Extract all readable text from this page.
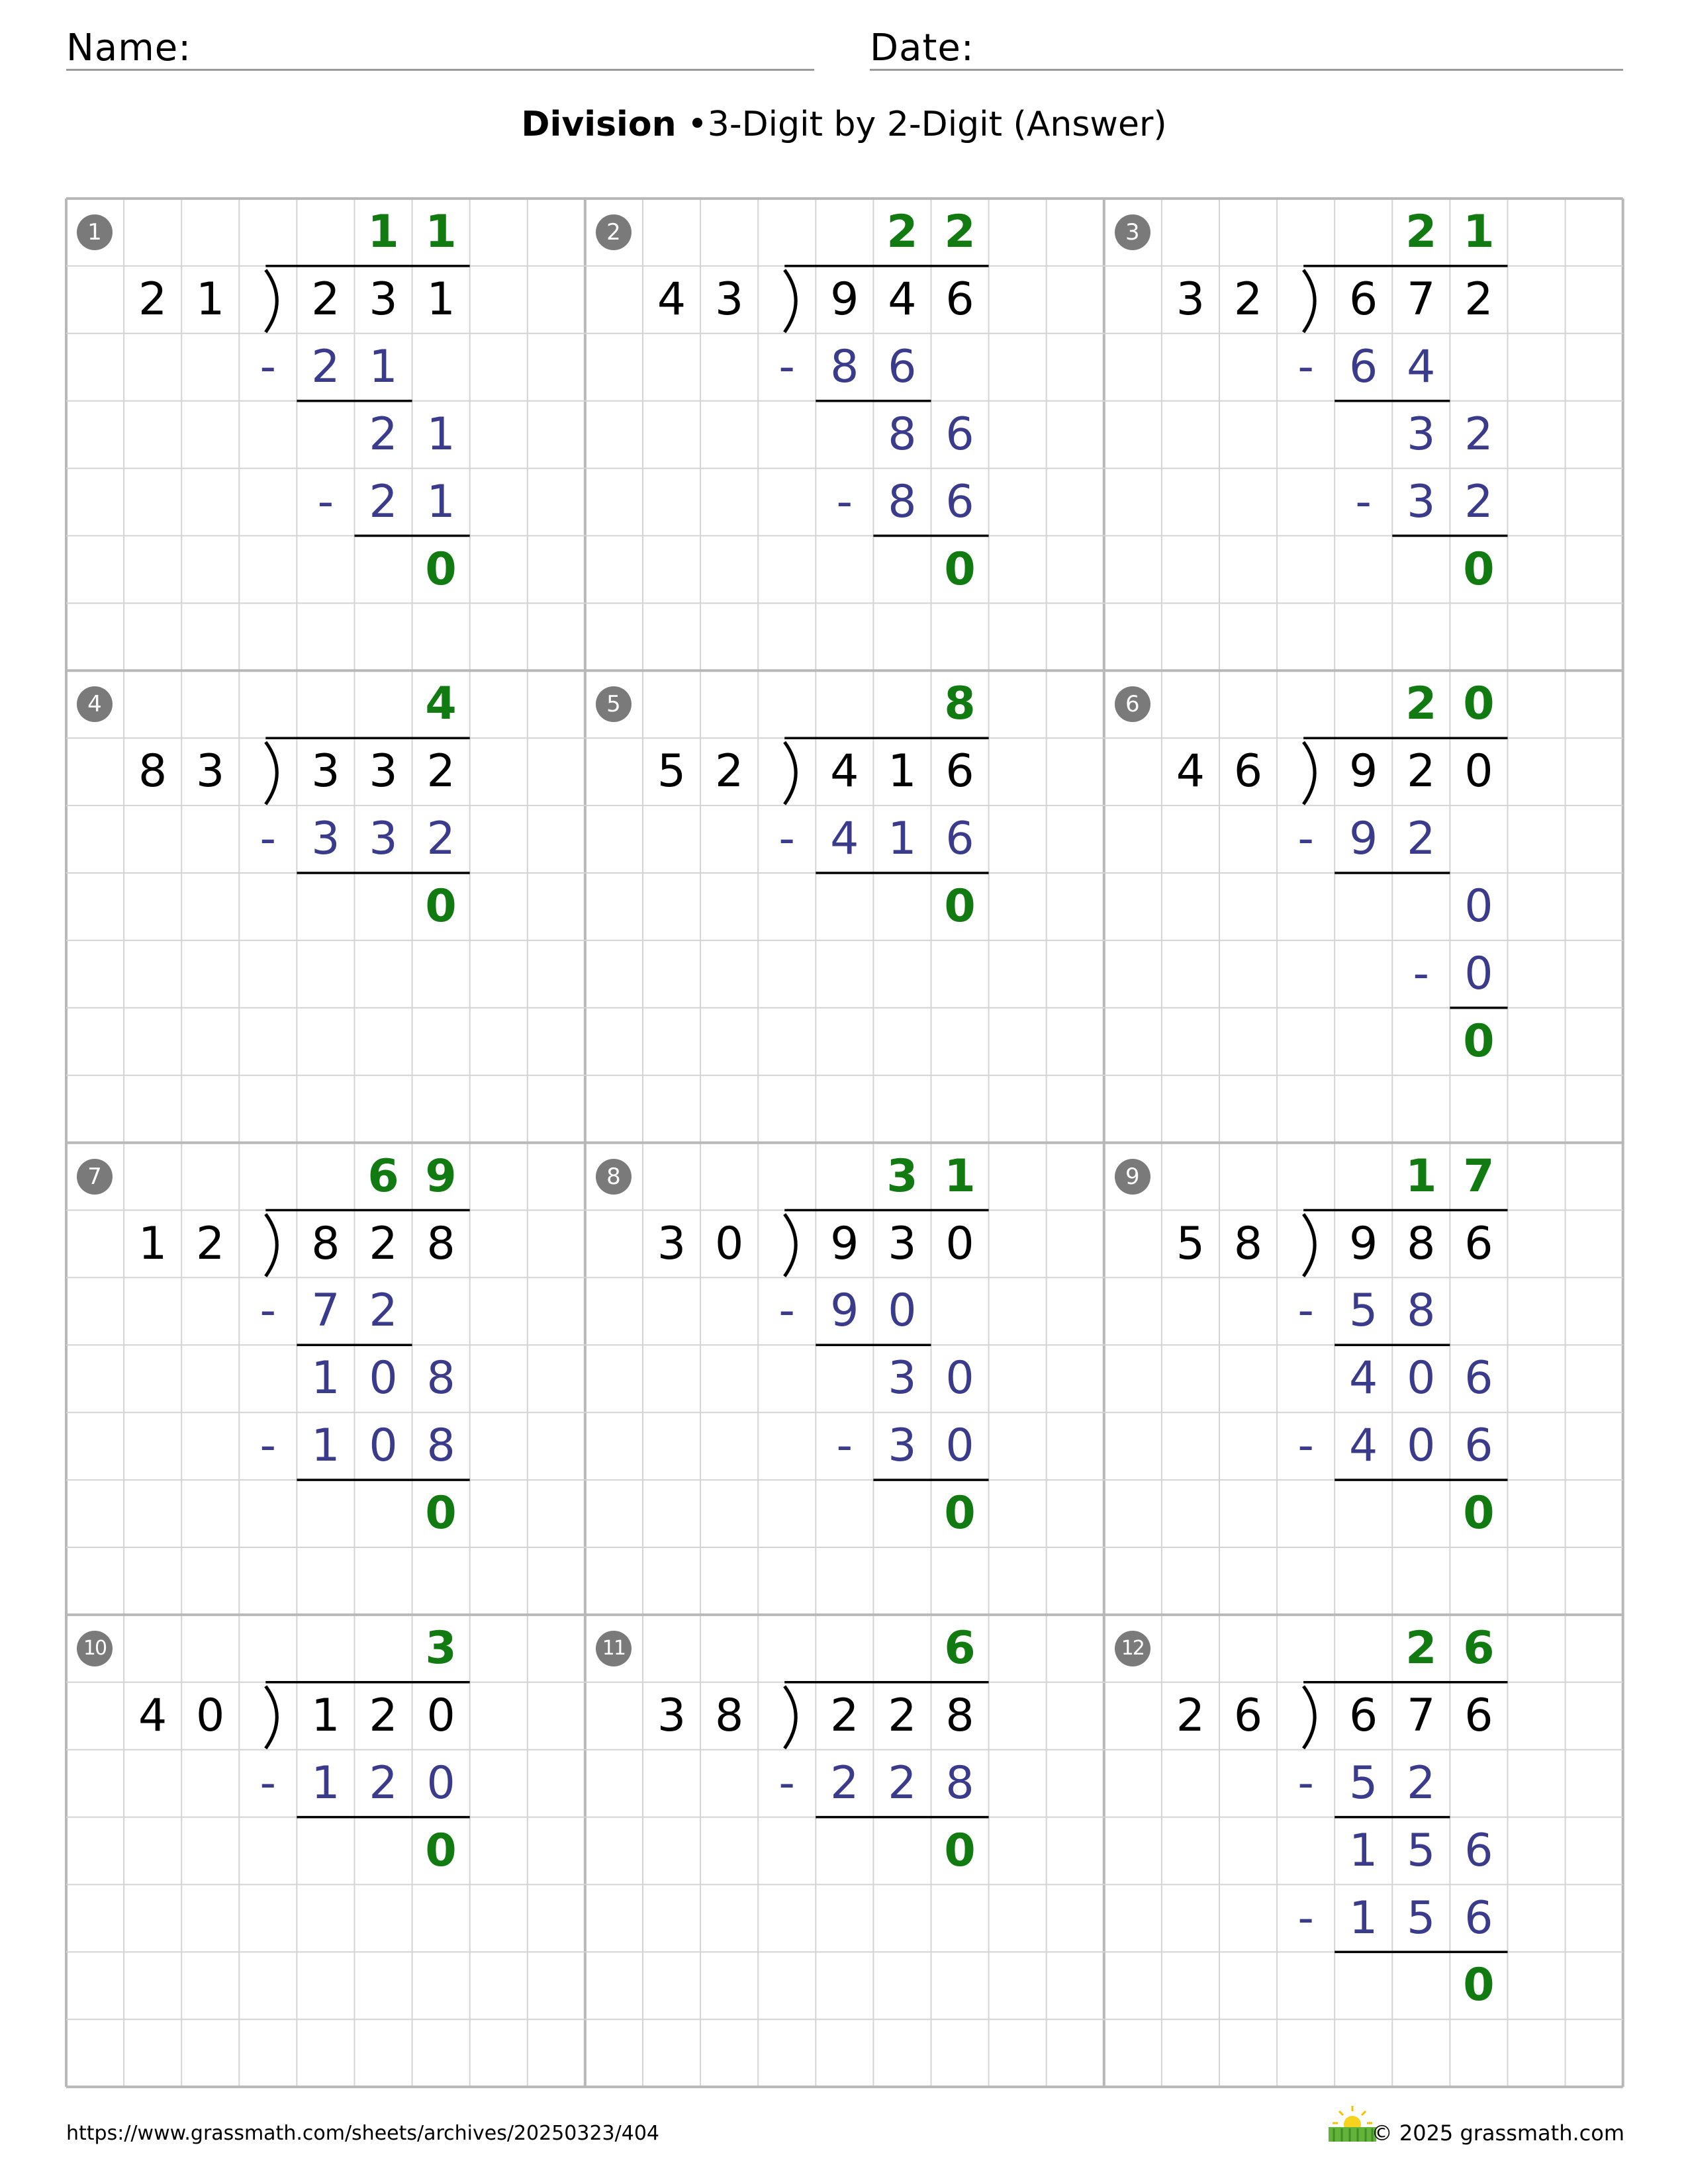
Name:	Date:
Division •3-Digit by 2-Digit (Answer)
1	1 1
2 1	2 3 1
2 1
-
2 1
2 1
-
0
2	2 2
4 3	9 4 6
8 6
-
8 6
8 6
-
0
3	2 1
3 2	6 7 2
6 4
-
3 2
3 2
-
0
4	4
8 3	3 3 2
3 3 2
-
0
5	8
5 2	4 1 6
4 1 6
-
0
6	2 0
4 6	9 2 0
9 2
-
0
0
-
0
7	6 9
1 2	8 2 8
7 2
-
1 0 8
1 0 8
-
0
8	3 1
3 0	9 3 0
9 0
-
3 0
3 0
-
0
9	1 7
5 8	9 8 6
5 8
-
4 0 6
4 0 6
-
0
10	3
4 0	1 2 0
1 2 0
-
0
11	6
3 8	2 2 8
2 2 8
-
0
12	2 6
2 6	6 7 6
5 2
-
1 5 6
1 5 6
-
0
https://www.grassmath.com/sheets/archives/20250323/404	© 2025 grassmath.com
